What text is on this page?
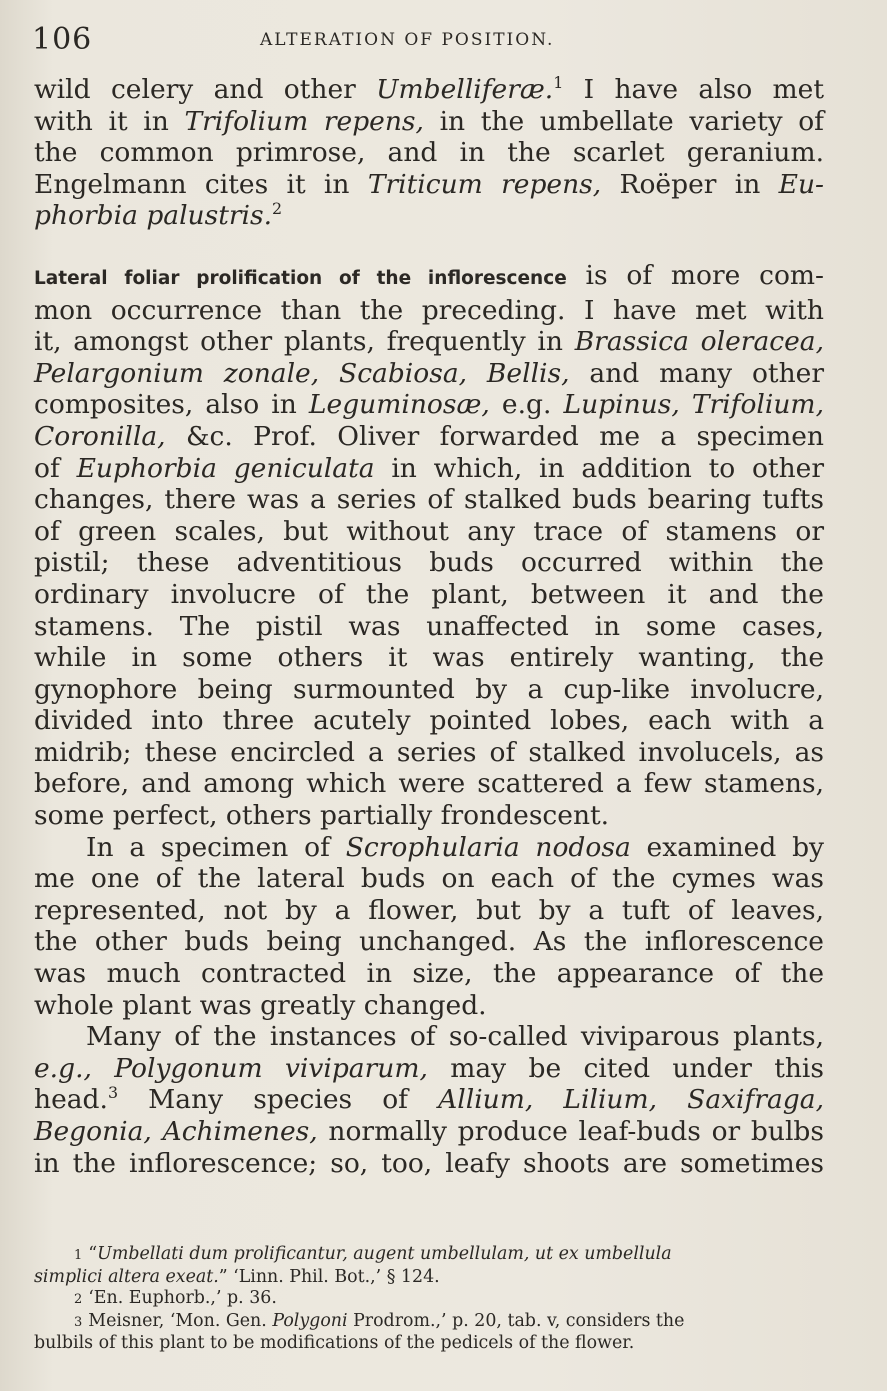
106	ALTERATION OF POSITION.
wild celery and other Umbelliferæ.$^1$ I have also met
with it in Trifolium repens, in the umbellate variety of
the common primrose, and in the scarlet geranium.
Engelmann cites it in Triticum repens, Roëper in Eu-
phorbia palustris.$^2$
Lateral foliar prolification of the inflorescence is of more com-
mon occurrence than the preceding. I have met with
it, amongst other plants, frequently in Brassica oleracea,
Pelargonium zonale, Scabiosa, Bellis, and many other
composites, also in Leguminosæ, e.g. Lupinus, Trifolium,
Coronilla, &c. Prof. Oliver forwarded me a specimen
of Euphorbia geniculata in which, in addition to other
changes, there was a series of stalked buds bearing tufts
of green scales, but without any trace of stamens or
pistil; these adventitious buds occurred within the
ordinary involucre of the plant, between it and the
stamens. The pistil was unaffected in some cases,
while in some others it was entirely wanting, the
gynophore being surmounted by a cup-like involucre,
divided into three acutely pointed lobes, each with a
midrib; these encircled a series of stalked involucels, as
before, and among which were scattered a few stamens,
some perfect, others partially frondescent.
In a specimen of Scrophularia nodosa examined by
me one of the lateral buds on each of the cymes was
represented, not by a flower, but by a tuft of leaves,
the other buds being unchanged. As the inflorescence
was much contracted in size, the appearance of the
whole plant was greatly changed.
Many of the instances of so-called viviparous plants,
e.g., Polygonum viviparum, may be cited under this
head.$^3$ Many species of Allium, Lilium, Saxifraga,
Begonia, Achimenes, normally produce leaf-buds or bulbs
in the inflorescence; so, too, leafy shoots are sometimes
1 “Umbellati dum prolificantur, augent umbellulam, ut ex umbellula
simplici altera exeat.” ‘Linn. Phil. Bot.,’ § 124.
2 ‘En. Euphorb.,’ p. 36.
3 Meisner, ‘Mon. Gen. Polygoni Prodrom.,’ p. 20, tab. v, considers the
bulbils of this plant to be modifications of the pedicels of the flower.
